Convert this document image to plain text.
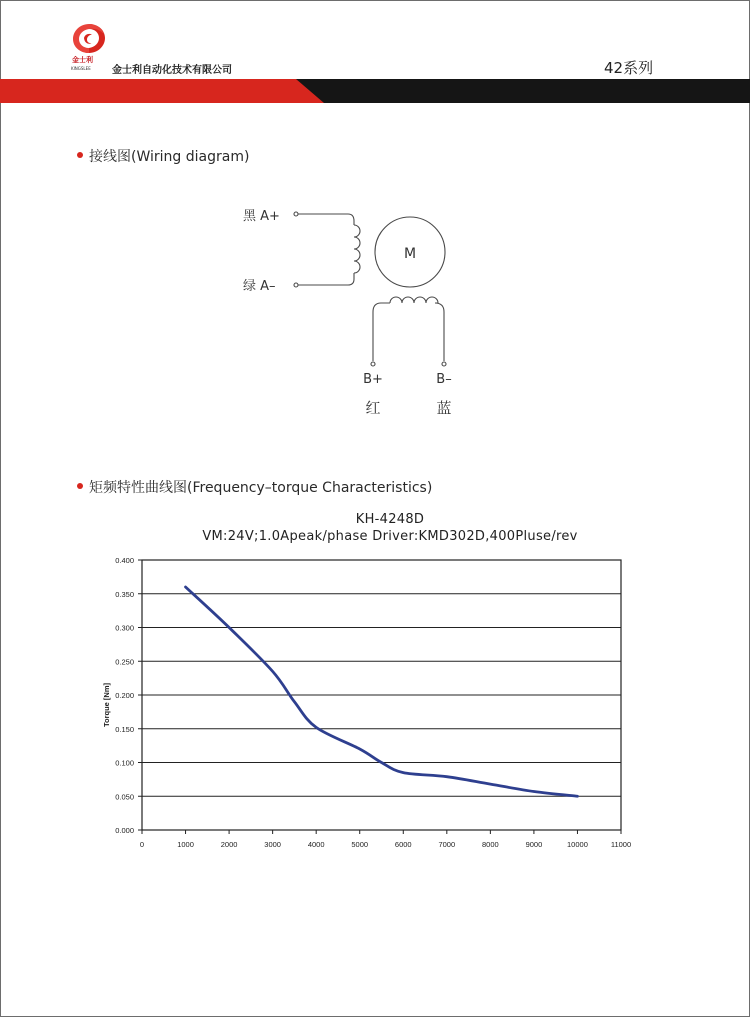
金士利
KINGSLEE 金士利自动化技术有限公司	42系列
接线图(Wiring diagram)
黑 A+
绿 A–
M
B+	B–
红	蓝
矩频特性曲线图(Frequency–torque Characteristics)
KH-4248D
VM:24V;1.0Apeak/phase Driver:KMD302D,400Pluse/rev
0.000
0.050
0.100
0.150
0.200
0.250
0.300
0.350
0.400
0	1000	2000	3000	4000	5000	6000	7000	8000	9000	10000	11000
Torque [Nm]
